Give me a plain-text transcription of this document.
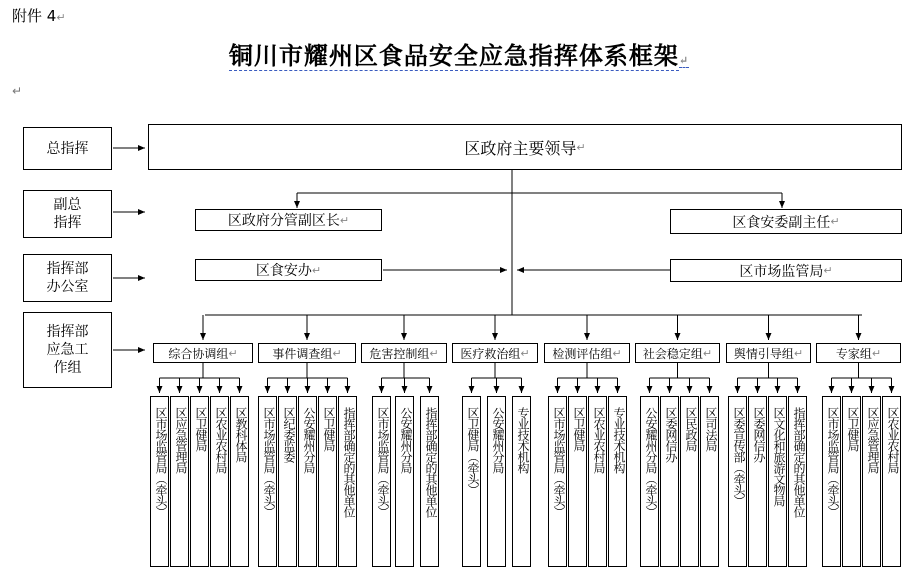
附件 4↵
铜川市耀州区食品安全应急指挥体系框架↵
↵
总指挥
副总
指挥
指挥部
办公室
指挥部
应急工
作组
区政府主要领导 ↵
区政府分管副区长 ↵	区食安委副主任 ↵
区食安办 ↵	区市场监管局 ↵
综合协调组 ↵
区市场监管局（牵头） 区应急管理局 区卫健局 区农业农村局 区教科体局
事件调查组 ↵
区市场监管局（牵头） 区纪委监委 公安耀州分局 区卫健局 指挥部确定的其他单位
危害控制组 ↵
区市场监管局（牵头） 公安耀州分局 指挥部确定的其他单位
医疗救治组 ↵
区卫健局（牵头） 公安耀州分局 专业技术机构
检测评估组 ↵
区市场监管局（牵头） 区卫健局 区农业农村局 专业技术机构
社会稳定组 ↵
公安耀州分局（牵头） 区委网信办 区民政局 区司法局
舆情引导组 ↵
区委宣传部（牵头） 区委网信办 区文化和旅游文物局 指挥部确定的其他单位
专家组 ↵
区市场监管局（牵头） 区卫健局 区应急管理局 区农业农村局
